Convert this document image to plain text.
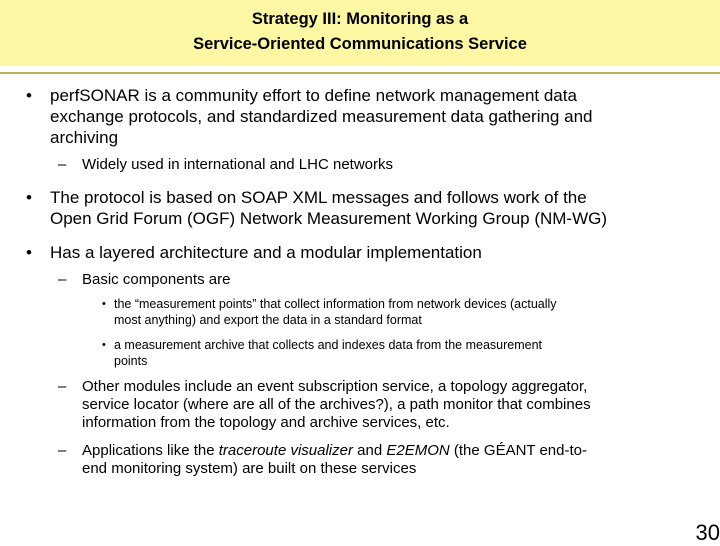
Strategy III: Monitoring as a
Service-Oriented Communications Service
• perfSONAR is a community effort to define network management data
exchange protocols, and standardized measurement data gathering and
archiving
– Widely used in international and LHC networks
• The protocol is based on SOAP XML messages and follows work of the
Open Grid Forum (OGF) Network Measurement Working Group (NM-WG)
• Has a layered architecture and a modular implementation
– Basic components are
• the “measurement points” that collect information from network devices (actually
most anything) and export the data in a standard format
• a measurement archive that collects and indexes data from the measurement
points
– Other modules include an event subscription service, a topology aggregator,
service locator (where are all of the archives?), a path monitor that combines
information from the topology and archive services, etc.
– Applications like the traceroute visualizer and E2EMON (the GÉANT end-to-
end monitoring system) are built on these services
30
